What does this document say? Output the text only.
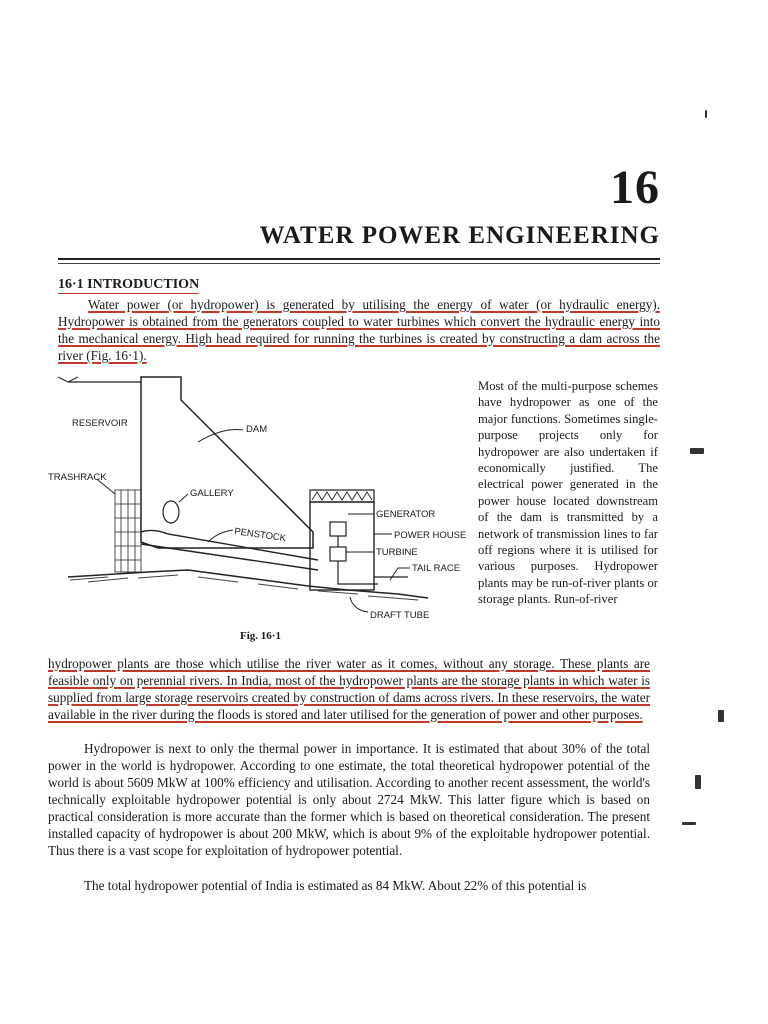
16
WATER POWER ENGINEERING
16·1 INTRODUCTION

Water power (or hydropower) is generated by utilising the energy of water (or hydraulic energy). Hydropower is obtained from the generators coupled to water turbines which convert the hydraulic energy into the mechanical energy. High head required for running the turbines is created by constructing a dam across the river (Fig. 16·1).

RESERVOIR
DAM
TRASHRACK
GALLERY
PENSTOCK
GENERATOR
POWER HOUSE
TURBINE
TAIL RACE
DRAFT TUBE
Fig. 16·1

Most of the multi-purpose schemes have hydropower as one of the major functions. Sometimes single-purpose projects only for hydropower are also undertaken if economically justified. The electrical power generated in the power house located downstream of the dam is transmitted by a network of transmission lines to far off regions where it is utilised for various purposes. Hydropower plants may be run-of-river plants or storage plants. Run-of-river

hydropower plants are those which utilise the river water as it comes, without any storage. These plants are feasible only on perennial rivers. In India, most of the hydropower plants are the storage plants in which water is supplied from large storage reservoirs created by construction of dams across rivers. In these reservoirs, the water available in the river during the floods is stored and later utilised for the generation of power and other purposes.

Hydropower is next to only the thermal power in importance. It is estimated that about 30% of the total power in the world is hydropower. According to one estimate, the total theoretical hydropower potential of the world is about 5609 MkW at 100% efficiency and utilisation. According to another recent assessment, the world's technically exploitable hydropower potential is only about 2724 MkW. This latter figure which is based on practical consideration is more accurate than the former which is based on theoretical consideration. The present installed capacity of hydropower is about 200 MkW, which is about 9% of the exploitable hydropower potential. Thus there is a vast scope for exploitation of hydropower potential.

The total hydropower potential of India is estimated as 84 MkW. About 22% of this potential is
